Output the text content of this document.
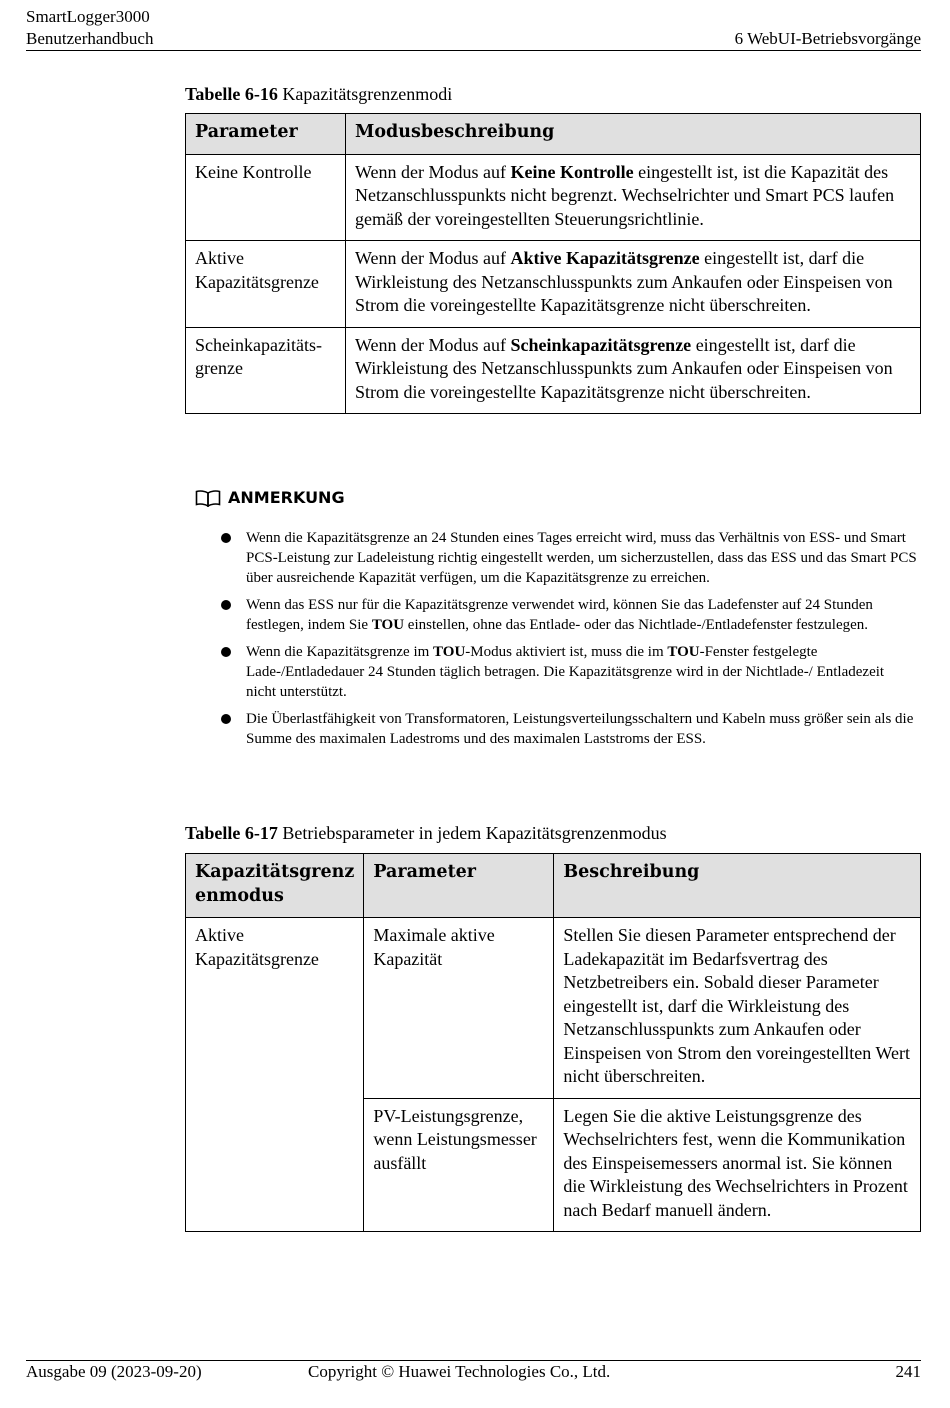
SmartLogger3000
Benutzerhandbuch	6 WebUI-Betriebsvorgänge
Tabelle 6-16 Kapazitätsgrenzenmodi
Parameter	Modusbeschreibung
Keine Kontrolle	Wenn der Modus auf Keine Kontrolle eingestellt ist, ist die Kapazität des Netzanschlusspunkts nicht begrenzt. Wechselrichter und Smart PCS laufen gemäß der voreingestellten Steuerungsrichtlinie.

Aktive
Kapazitätsgrenze	Wenn der Modus auf Aktive Kapazitätsgrenze eingestellt ist, darf die Wirkleistung des Netzanschlusspunkts zum Ankaufen oder Einspeisen von Strom die voreingestellte Kapazitätsgrenze nicht überschreiten.

Scheinkapazitäts-
grenze	Wenn der Modus auf Scheinkapazitätsgrenze eingestellt ist, darf die Wirkleistung des Netzanschlusspunkts zum Ankaufen oder Einspeisen von Strom die voreingestellte Kapazitätsgrenze nicht überschreiten.
ANMERKUNG
Wenn die Kapazitätsgrenze an 24 Stunden eines Tages erreicht wird, muss das Verhältnis von ESS- und Smart PCS-Leistung zur Ladeleistung richtig eingestellt werden, um sicherzustellen, dass das ESS und das Smart PCS über ausreichende Kapazität verfügen, um die Kapazitätsgrenze zu erreichen.
Wenn das ESS nur für die Kapazitätsgrenze verwendet wird, können Sie das Ladefenster auf 24 Stunden festlegen, indem Sie TOU einstellen, ohne das Entlade- oder das Nichtlade-/Entladefenster festzulegen.
Wenn die Kapazitätsgrenze im TOU-Modus aktiviert ist, muss die im TOU-Fenster festgelegte Lade-/Entladedauer 24 Stunden täglich betragen. Die Kapazitätsgrenze wird in der Nichtlade-/ Entladezeit nicht unterstützt.
Die Überlastfähigkeit von Transformatoren, Leistungsverteilungsschaltern und Kabeln muss größer sein als die Summe des maximalen Ladestroms und des maximalen Laststroms der ESS.
Tabelle 6-17 Betriebsparameter in jedem Kapazitätsgrenzenmodus
Kapazitätsgrenz enmodus	Parameter	Beschreibung
Aktive Kapazitätsgrenze	Maximale aktive Kapazität	Stellen Sie diesen Parameter entsprechend der Ladekapazität im Bedarfsvertrag des Netzbetreibers ein. Sobald dieser Parameter eingestellt ist, darf die Wirkleistung des Netzanschlusspunkts zum Ankaufen oder Einspeisen von Strom den voreingestellten Wert nicht überschreiten.
	PV-Leistungsgrenze, wenn Leistungsmesser ausfällt	Legen Sie die aktive Leistungsgrenze des Wechselrichters fest, wenn die Kommunikation des Einspeisemessers anormal ist. Sie können die Wirkleistung des Wechselrichters in Prozent nach Bedarf manuell ändern.
Ausgabe 09 (2023-09-20)	Copyright © Huawei Technologies Co., Ltd.	241
